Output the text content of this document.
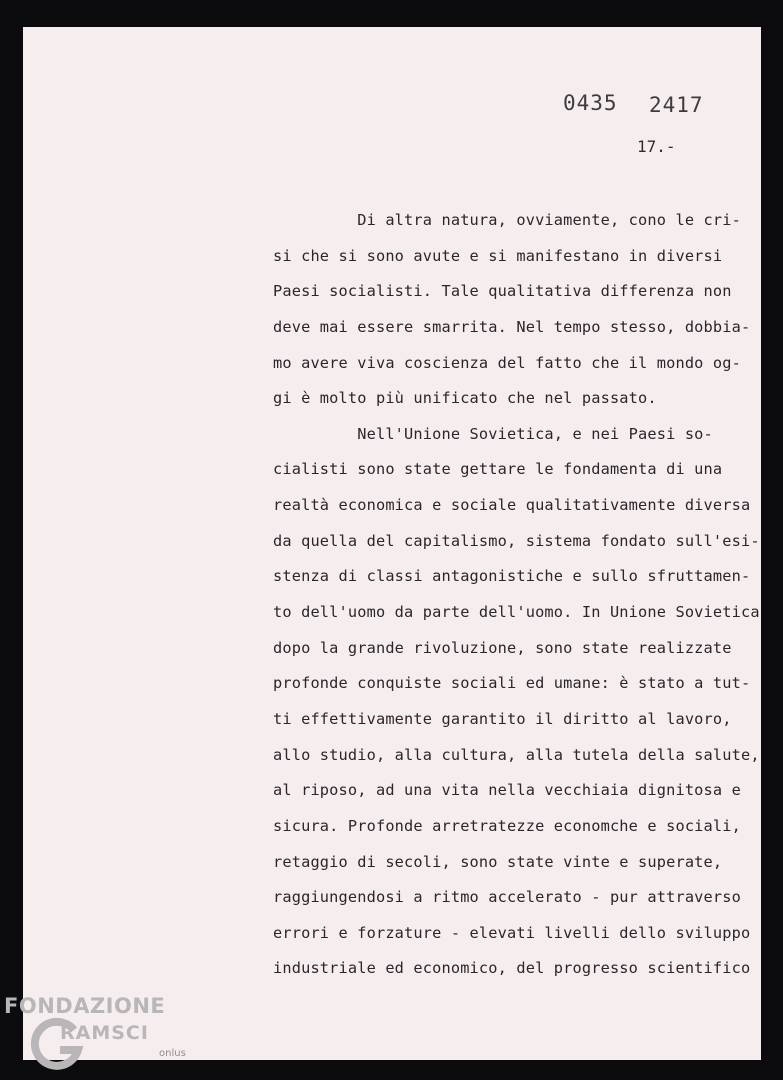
0435 2417
17.-
Di altra natura, ovviamente, cono le cri-
si che si sono avute e si manifestano in diversi
Paesi socialisti. Tale qualitativa differenza non
deve mai essere smarrita. Nel tempo stesso, dobbia-
mo avere viva coscienza del fatto che il mondo og-
gi è molto più unificato che nel passato.
Nell'Unione Sovietica, e nei Paesi so-
cialisti sono state gettare le fondamenta di una
realtà economica e sociale qualitativamente diversa
da quella del capitalismo, sistema fondato sull'esi-
stenza di classi antagonistiche e sullo sfruttamen-
to dell'uomo da parte dell'uomo. In Unione Sovietica
dopo la grande rivoluzione, sono state realizzate
profonde conquiste sociali ed umane: è stato a tut-
ti effettivamente garantito il diritto al lavoro,
allo studio, alla cultura, alla tutela della salute,
al riposo, ad una vita nella vecchiaia dignitosa e
sicura. Profonde arretratezze economche e sociali,
retaggio di secoli, sono state vinte e superate,
raggiungendosi a ritmo accelerato - pur attraverso
errori e forzature - elevati livelli dello sviluppo
industriale ed economico, del progresso scientifico
FONDAZIONE
RAMSCI
onlus
